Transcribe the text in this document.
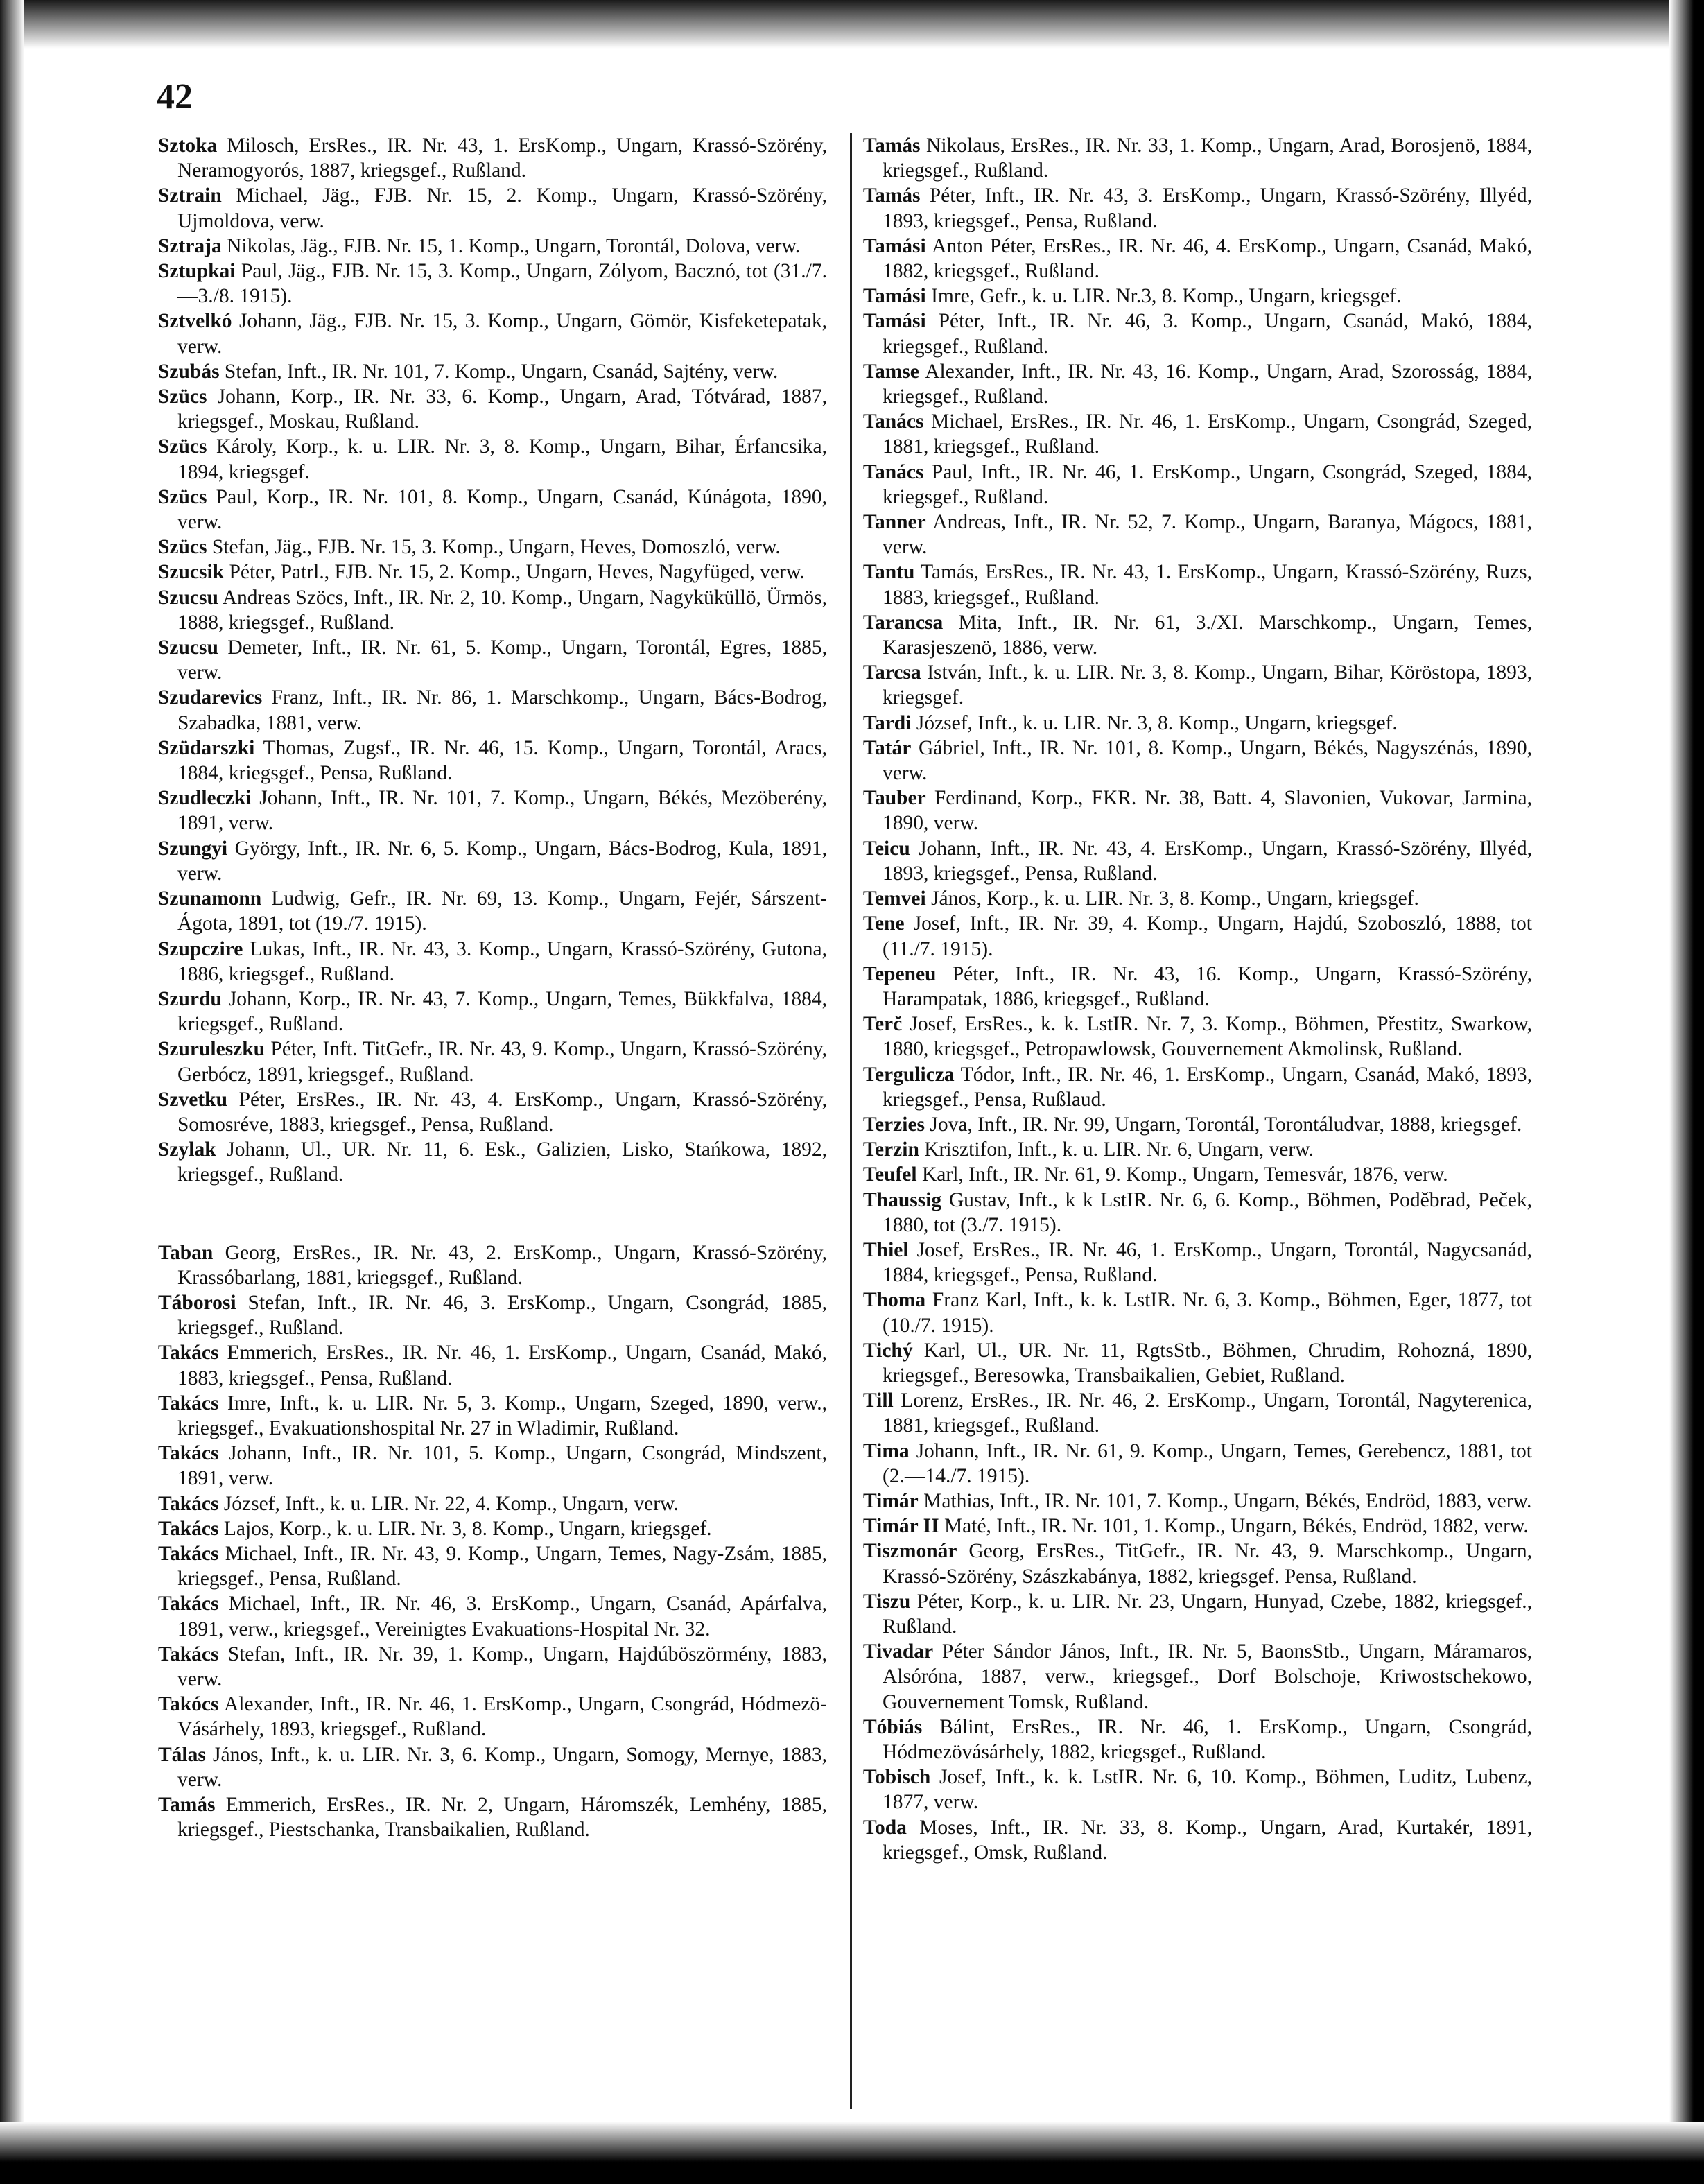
42
Sztoka Milosch, ErsRes., IR. Nr. 43, 1. ErsKomp., Ungarn, Krassó-Szörény, Neramogyorós, 1887, kriegsgef., Rußland.
Sztrain Michael, Jäg., FJB. Nr. 15, 2. Komp., Ungarn, Krassó-Szörény, Ujmoldova, verw.
Sztraja Nikolas, Jäg., FJB. Nr. 15, 1. Komp., Ungarn, Torontál, Dolova, verw.
Sztupkai Paul, Jäg., FJB. Nr. 15, 3. Komp., Ungarn, Zólyom, Bacznó, tot (31./7.—3./8. 1915).
Sztvelkó Johann, Jäg., FJB. Nr. 15, 3. Komp., Ungarn, Gömör, Kisfeketepatak, verw.
Szubás Stefan, Inft., IR. Nr. 101, 7. Komp., Ungarn, Csanád, Sajtény, verw.
Szücs Johann, Korp., IR. Nr. 33, 6. Komp., Ungarn, Arad, Tótvárad, 1887, kriegsgef., Moskau, Rußland.
Szücs Károly, Korp., k. u. LIR. Nr. 3, 8. Komp., Ungarn, Bihar, Érfancsika, 1894, kriegsgef.
Szücs Paul, Korp., IR. Nr. 101, 8. Komp., Ungarn, Csanád, Kúnágota, 1890, verw.
Szücs Stefan, Jäg., FJB. Nr. 15, 3. Komp., Ungarn, Heves, Domoszló, verw.
Szucsik Péter, Patrl., FJB. Nr. 15, 2. Komp., Ungarn, Heves, Nagyfüged, verw.
Szucsu Andreas Szöcs, Inft., IR. Nr. 2, 10. Komp., Ungarn, Nagyküküllö, Ürmös, 1888, kriegsgef., Rußland.
Szucsu Demeter, Inft., IR. Nr. 61, 5. Komp., Ungarn, Torontál, Egres, 1885, verw.
Szudarevics Franz, Inft., IR. Nr. 86, 1. Marschkomp., Ungarn, Bács-Bodrog, Szabadka, 1881, verw.
Szüdarszki Thomas, Zugsf., IR. Nr. 46, 15. Komp., Ungarn, Torontál, Aracs, 1884, kriegsgef., Pensa, Rußland.
Szudleczki Johann, Inft., IR. Nr. 101, 7. Komp., Ungarn, Békés, Mezöberény, 1891, verw.
Szungyi György, Inft., IR. Nr. 6, 5. Komp., Ungarn, Bács-Bodrog, Kula, 1891, verw.
Szunamonn Ludwig, Gefr., IR. Nr. 69, 13. Komp., Ungarn, Fejér, Sárszent-Ágota, 1891, tot (19./7. 1915).
Szupczire Lukas, Inft., IR. Nr. 43, 3. Komp., Ungarn, Krassó-Szörény, Gutona, 1886, kriegsgef., Rußland.
Szurdu Johann, Korp., IR. Nr. 43, 7. Komp., Ungarn, Temes, Bükkfalva, 1884, kriegsgef., Rußland.
Szuruleszku Péter, Inft. TitGefr., IR. Nr. 43, 9. Komp., Ungarn, Krassó-Szörény, Gerbócz, 1891, kriegsgef., Rußland.
Szvetku Péter, ErsRes., IR. Nr. 43, 4. ErsKomp., Ungarn, Krassó-Szörény, Somosréve, 1883, kriegsgef., Pensa, Rußland.
Szylak Johann, Ul., UR. Nr. 11, 6. Esk., Galizien, Lisko, Stańkowa, 1892, kriegsgef., Rußland.
Taban Georg, ErsRes., IR. Nr. 43, 2. ErsKomp., Ungarn, Krassó-Szörény, Krassóbarlang, 1881, kriegsgef., Rußland.
Táborosi Stefan, Inft., IR. Nr. 46, 3. ErsKomp., Ungarn, Csongrád, 1885, kriegsgef., Rußland.
Takács Emmerich, ErsRes., IR. Nr. 46, 1. ErsKomp., Ungarn, Csanád, Makó, 1883, kriegsgef., Pensa, Rußland.
Takács Imre, Inft., k. u. LIR. Nr. 5, 3. Komp., Ungarn, Szeged, 1890, verw., kriegsgef., Evakuationshospital Nr. 27 in Wladimir, Rußland.
Takács Johann, Inft., IR. Nr. 101, 5. Komp., Ungarn, Csongrád, Mindszent, 1891, verw.
Takács József, Inft., k. u. LIR. Nr. 22, 4. Komp., Ungarn, verw.
Takács Lajos, Korp., k. u. LIR. Nr. 3, 8. Komp., Ungarn, kriegsgef.
Takács Michael, Inft., IR. Nr. 43, 9. Komp., Ungarn, Temes, Nagy-Zsám, 1885, kriegsgef., Pensa, Rußland.
Takács Michael, Inft., IR. Nr. 46, 3. ErsKomp., Ungarn, Csanád, Apárfalva, 1891, verw., kriegsgef., Vereinigtes Evakuations-Hospital Nr. 32.
Takács Stefan, Inft., IR. Nr. 39, 1. Komp., Ungarn, Hajdúböszörmény, 1883, verw.
Takócs Alexander, Inft., IR. Nr. 46, 1. ErsKomp., Ungarn, Csongrád, Hódmezö-Vásárhely, 1893, kriegsgef., Rußland.
Tálas János, Inft., k. u. LIR. Nr. 3, 6. Komp., Ungarn, Somogy, Mernye, 1883, verw.
Tamás Emmerich, ErsRes., IR. Nr. 2, Ungarn, Háromszék, Lemhény, 1885, kriegsgef., Piestschanka, Transbaikalien, Rußland.
Tamás Nikolaus, ErsRes., IR. Nr. 33, 1. Komp., Ungarn, Arad, Borosjenö, 1884, kriegsgef., Rußland.
Tamás Péter, Inft., IR. Nr. 43, 3. ErsKomp., Ungarn, Krassó-Szörény, Illyéd, 1893, kriegsgef., Pensa, Rußland.
Tamási Anton Péter, ErsRes., IR. Nr. 46, 4. ErsKomp., Ungarn, Csanád, Makó, 1882, kriegsgef., Rußland.
Tamási Imre, Gefr., k. u. LIR. Nr.3, 8. Komp., Ungarn, kriegsgef.
Tamási Péter, Inft., IR. Nr. 46, 3. Komp., Ungarn, Csanád, Makó, 1884, kriegsgef., Rußland.
Tamse Alexander, Inft., IR. Nr. 43, 16. Komp., Ungarn, Arad, Szorosság, 1884, kriegsgef., Rußland.
Tanács Michael, ErsRes., IR. Nr. 46, 1. ErsKomp., Ungarn, Csongrád, Szeged, 1881, kriegsgef., Rußland.
Tanács Paul, Inft., IR. Nr. 46, 1. ErsKomp., Ungarn, Csongrád, Szeged, 1884, kriegsgef., Rußland.
Tanner Andreas, Inft., IR. Nr. 52, 7. Komp., Ungarn, Baranya, Mágocs, 1881, verw.
Tantu Tamás, ErsRes., IR. Nr. 43, 1. ErsKomp., Ungarn, Krassó-Szörény, Ruzs, 1883, kriegsgef., Rußland.
Tarancsa Mita, Inft., IR. Nr. 61, 3./XI. Marschkomp., Ungarn, Temes, Karasjeszenö, 1886, verw.
Tarcsa István, Inft., k. u. LIR. Nr. 3, 8. Komp., Ungarn, Bihar, Köröstopa, 1893, kriegsgef.
Tardi József, Inft., k. u. LIR. Nr. 3, 8. Komp., Ungarn, kriegsgef.
Tatár Gábriel, Inft., IR. Nr. 101, 8. Komp., Ungarn, Békés, Nagyszénás, 1890, verw.
Tauber Ferdinand, Korp., FKR. Nr. 38, Batt. 4, Slavonien, Vukovar, Jarmina, 1890, verw.
Teicu Johann, Inft., IR. Nr. 43, 4. ErsKomp., Ungarn, Krassó-Szörény, Illyéd, 1893, kriegsgef., Pensa, Rußland.
Temvei János, Korp., k. u. LIR. Nr. 3, 8. Komp., Ungarn, kriegsgef.
Tene Josef, Inft., IR. Nr. 39, 4. Komp., Ungarn, Hajdú, Szoboszló, 1888, tot (11./7. 1915).
Tepeneu Péter, Inft., IR. Nr. 43, 16. Komp., Ungarn, Krassó-Szörény, Harampatak, 1886, kriegsgef., Rußland.
Terč Josef, ErsRes., k. k. LstIR. Nr. 7, 3. Komp., Böhmen, Přestitz, Swarkow, 1880, kriegsgef., Petropawlowsk, Gouvernement Akmolinsk, Rußland.
Tergulicza Tódor, Inft., IR. Nr. 46, 1. ErsKomp., Ungarn, Csanád, Makó, 1893, kriegsgef., Pensa, Rußlaud.
Terzies Jova, Inft., IR. Nr. 99, Ungarn, Torontál, Torontáludvar, 1888, kriegsgef.
Terzin Krisztifon, Inft., k. u. LIR. Nr. 6, Ungarn, verw.
Teufel Karl, Inft., IR. Nr. 61, 9. Komp., Ungarn, Temesvár, 1876, verw.
Thaussig Gustav, Inft., k k LstIR. Nr. 6, 6. Komp., Böhmen, Poděbrad, Peček, 1880, tot (3./7. 1915).
Thiel Josef, ErsRes., IR. Nr. 46, 1. ErsKomp., Ungarn, Torontál, Nagycsanád, 1884, kriegsgef., Pensa, Rußland.
Thoma Franz Karl, Inft., k. k. LstIR. Nr. 6, 3. Komp., Böhmen, Eger, 1877, tot (10./7. 1915).
Tichý Karl, Ul., UR. Nr. 11, RgtsStb., Böhmen, Chrudim, Rohozná, 1890, kriegsgef., Beresowka, Transbaikalien, Gebiet, Rußland.
Till Lorenz, ErsRes., IR. Nr. 46, 2. ErsKomp., Ungarn, Torontál, Nagyterenica, 1881, kriegsgef., Rußland.
Tima Johann, Inft., IR. Nr. 61, 9. Komp., Ungarn, Temes, Gerebencz, 1881, tot (2.—14./7. 1915).
Timár Mathias, Inft., IR. Nr. 101, 7. Komp., Ungarn, Békés, Endröd, 1883, verw.
Timár II Maté, Inft., IR. Nr. 101, 1. Komp., Ungarn, Békés, Endröd, 1882, verw.
Tiszmonár Georg, ErsRes., TitGefr., IR. Nr. 43, 9. Marschkomp., Ungarn, Krassó-Szörény, Szászkabánya, 1882, kriegsgef. Pensa, Rußland.
Tiszu Péter, Korp., k. u. LIR. Nr. 23, Ungarn, Hunyad, Czebe, 1882, kriegsgef., Rußland.
Tivadar Péter Sándor János, Inft., IR. Nr. 5, BaonsStb., Ungarn, Máramaros, Alsóróna, 1887, verw., kriegsgef., Dorf Bolschoje, Kriwostschekowo, Gouvernement Tomsk, Rußland.
Tóbiás Bálint, ErsRes., IR. Nr. 46, 1. ErsKomp., Ungarn, Csongrád, Hódmezövásárhely, 1882, kriegsgef., Rußland.
Tobisch Josef, Inft., k. k. LstIR. Nr. 6, 10. Komp., Böhmen, Luditz, Lubenz, 1877, verw.
Toda Moses, Inft., IR. Nr. 33, 8. Komp., Ungarn, Arad, Kurtakér, 1891, kriegsgef., Omsk, Rußland.
